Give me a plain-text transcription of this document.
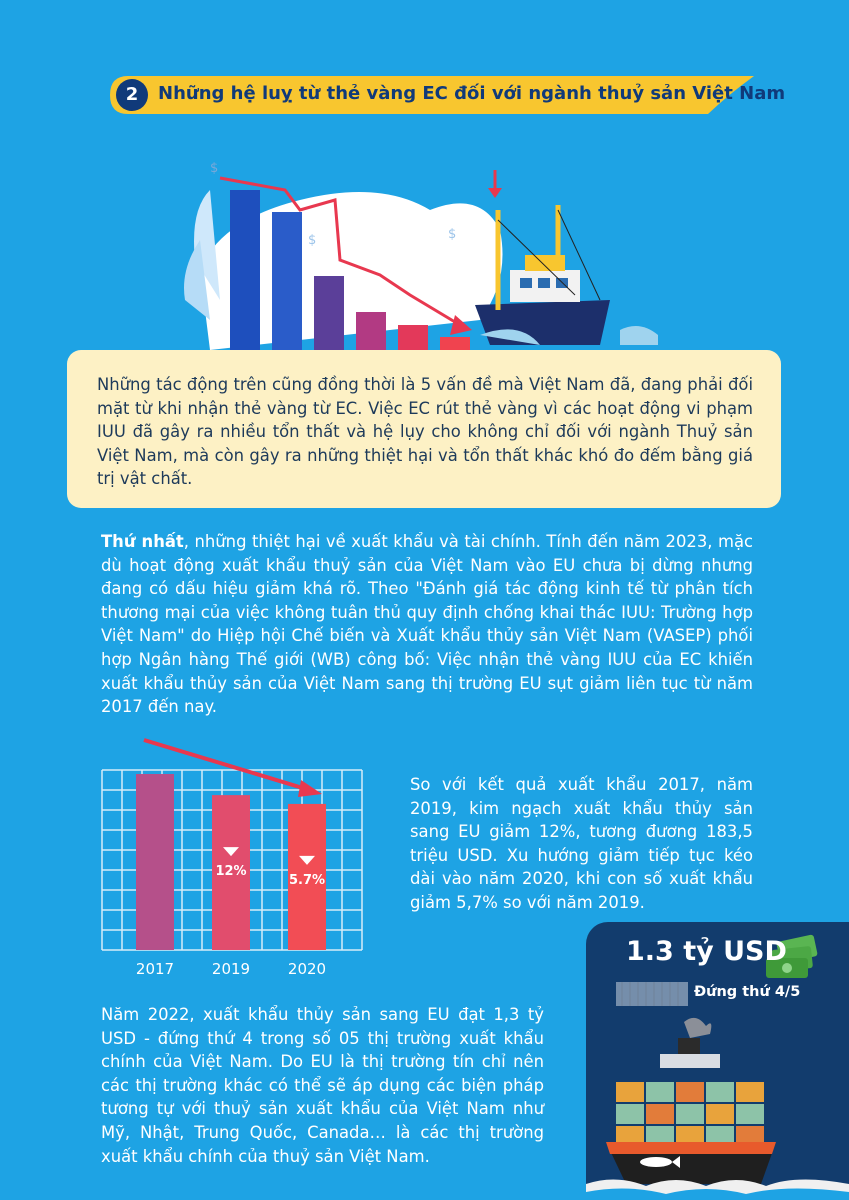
2	Những hệ luỵ từ thẻ vàng EC đối với ngành thuỷ sản Việt Nam
$
$	$
Những tác động trên cũng đồng thời là 5 vấn đề mà Việt Nam đã, đang phải đối mặt từ khi nhận thẻ vàng từ EC. Việc EC rút thẻ vàng vì các hoạt động vi phạm IUU đã gây ra nhiều tổn thất và hệ lụy cho không chỉ đối với ngành Thuỷ sản Việt Nam, mà còn gây ra những thiệt hại và tổn thất khác khó đo đếm bằng giá trị vật chất.
Thứ nhất, những thiệt hại về xuất khẩu và tài chính. Tính đến năm 2023, mặc dù hoạt động xuất khẩu thuỷ sản của Việt Nam vào EU chưa bị dừng nhưng đang có dấu hiệu giảm khá rõ. Theo "Đánh giá tác động kinh tế từ phân tích thương mại của việc không tuân thủ quy định chống khai thác IUU: Trường hợp Việt Nam" do Hiệp hội Chế biến và Xuất khẩu thủy sản Việt Nam (VASEP) phối hợp Ngân hàng Thế giới (WB) công bố: Việc nhận thẻ vàng IUU của EC khiến xuất khẩu thủy sản của Việt Nam sang thị trường EU sụt giảm liên tục từ năm 2017 đến nay.
12%
5.7%
2017	2019	2020
So với kết quả xuất khẩu 2017, năm 2019, kim ngạch xuất khẩu thủy sản sang EU giảm 12%, tương đương 183,5 triệu USD. Xu hướng giảm tiếp tục kéo dài vào năm 2020, khi con số xuất khẩu giảm 5,7% so với năm 2019.
Năm 2022, xuất khẩu thủy sản sang EU đạt 1,3 tỷ USD - đứng thứ 4 trong số 05 thị trường xuất khẩu chính của Việt Nam. Do EU là thị trường tín chỉ nên các thị trường khác có thể sẽ áp dụng các biện pháp tương tự với thuỷ sản xuất khẩu của Việt Nam như Mỹ, Nhật, Trung Quốc, Canada… là các thị trường xuất khẩu chính của thuỷ sản Việt Nam.
1.3 tỷ USD
Đứng thứ 4/5
